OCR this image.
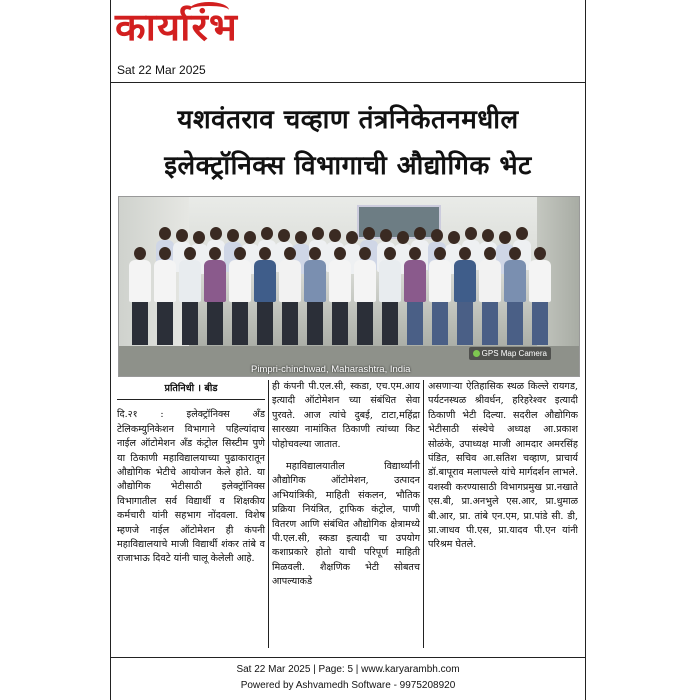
कार्यारंभ
Sat 22 Mar 2025
यशवंतराव चव्हाण तंत्रनिकेतनमधील
इलेक्ट्रॉनिक्स विभागाची औद्योगिक भेट
GPS Map Camera
Pimpri-chinchwad, Maharashtra, India
प्रतिनिधी । बीड

दि.२१ : इलेक्ट्रॉनिक्स अँड टेलिकम्युनिकेशन विभागाने पहिल्यांदाच नाईल ऑटोमेशन अँड कंट्रोल सिस्टीम पुणे या ठिकाणी महाविद्यालयाच्या पुढाकारातून औद्योगिक भेटीचे आयोजन केले होते. या औद्योगिक भेटीसाठी इलेक्ट्रॉनिक्स विभागातील सर्व विद्यार्थी व शिक्षकीय कर्मचारी यांनी सहभाग नोंदवला. विशेष म्हणजे नाईल ऑटोमेशन ही कंपनी महाविद्यालयाचे माजी विद्यार्थी शंकर तांबे व राजाभाऊ दिवटे यांनी चालू केलेली आहे.

ही कंपनी पी.एल.सी, स्कडा, एच.एम.आय इत्यादी ऑटोमेशन च्या संबंधित सेवा पुरवते. आज त्यांचे दुबई, टाटा,महिंद्रा सारख्या नामांकित ठिकाणी त्यांच्या किट पोहोचवल्या जातात.

महाविद्यालयातील विद्यार्थ्यांनी औद्योगिक ऑटोमेशन, उत्पादन अभियांत्रिकी, माहिती संकलन, भौतिक प्रक्रिया नियंत्रित, ट्राफिक कंट्रोल, पाणी वितरण आणि संबंधित औद्योगिक क्षेत्रामध्ये पी.एल.सी, स्कडा इत्यादी चा उपयोग कशाप्रकारे होतो याची परिपूर्ण माहिती मिळवली. शैक्षणिक भेटी सोबतच आपल्याकडे

असणाऱ्या ऐतिहासिक स्थळ किल्ले रायगड, पर्यटनस्थळ श्रीवर्धन, हरिहरेश्वर इत्यादी ठिकाणी भेटी दिल्या. सदरील औद्योगिक भेटीसाठी संस्थेचे अध्यक्ष आ.प्रकाश सोळंके, उपाध्यक्ष माजी आमदार अमरसिंह पंडित, सचिव आ.सतिश चव्हाण, प्राचार्य डॉ.बापूराव मलापल्ले यांचे मार्गदर्शन लाभले. यशस्वी करण्यासाठी विभागप्रमुख प्रा.नखाते एस.बी, प्रा.अनभुले एस.आर, प्रा.धुमाळ बी.आर, प्रा. तांबे एन.एम, प्रा.पांडे सी. डी, प्रा.जाधव पी.एस, प्रा.यादव पी.एन यांनी परिश्रम घेतले.

Sat 22 Mar 2025 | Page: 5 | www.karyarambh.com
Powered by Ashvamedh Software - 9975208920
